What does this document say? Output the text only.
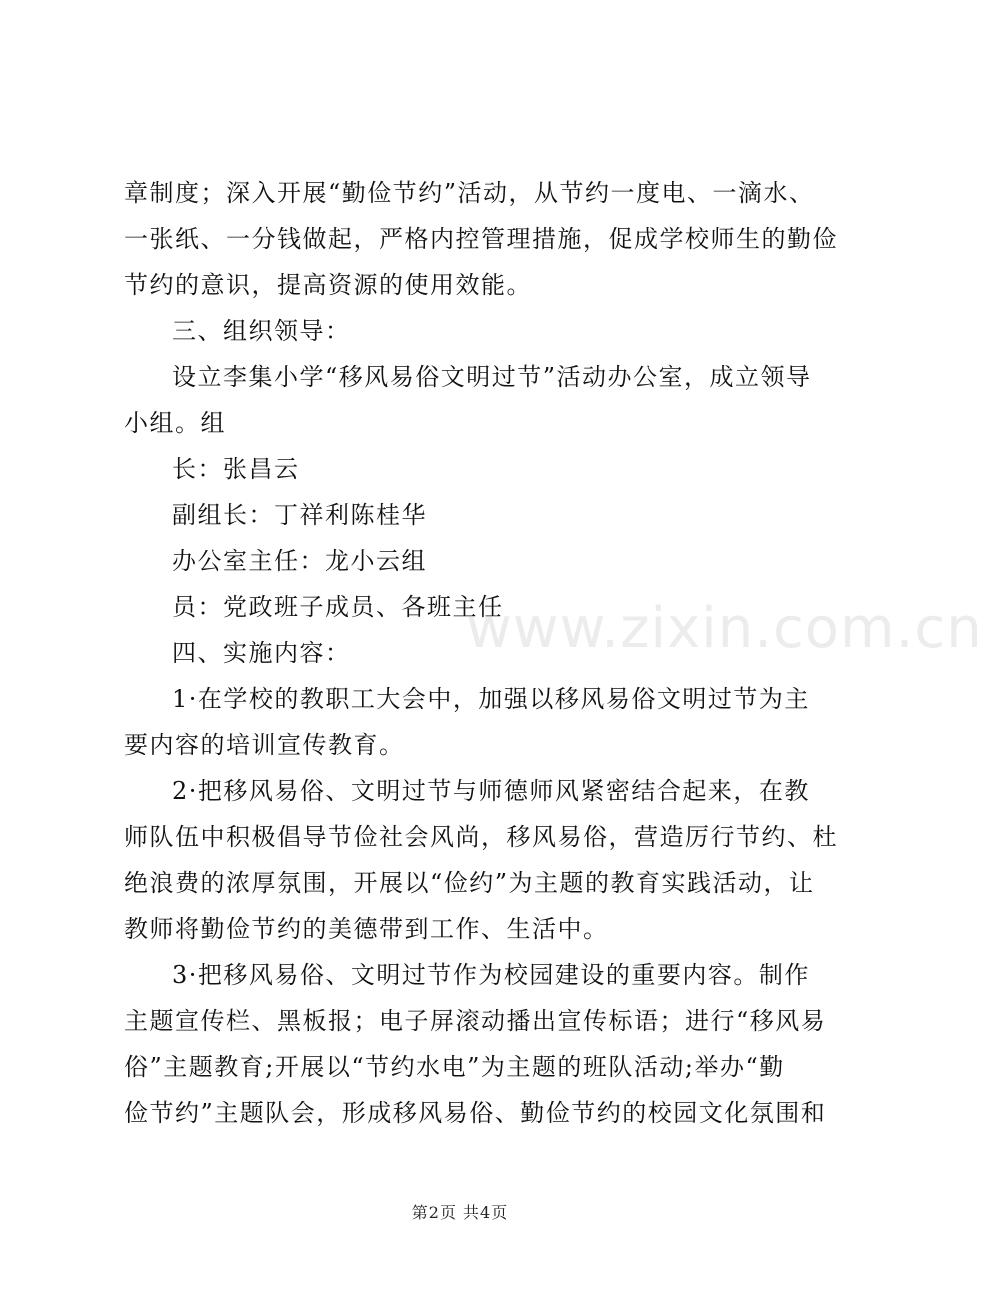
章制度；深入开展“勤俭节约”活动，从节约一度电、一滴水、
一张纸、一分钱做起，严格内控管理措施，促成学校师生的勤俭
节约的意识，提高资源的使用效能。
三、组织领导：
设立李集小学“移风易俗文明过节”活动办公室，成立领导
小组。组
长：张昌云
副组长：丁祥利陈桂华
办公室主任：龙小云组
员：党政班子成员、各班主任
四、实施内容：
1·在学校的教职工大会中，加强以移风易俗文明过节为主
要内容的培训宣传教育。
2·把移风易俗、文明过节与师德师风紧密结合起来，在教
师队伍中积极倡导节俭社会风尚，移风易俗，营造厉行节约、杜
绝浪费的浓厚氛围，开展以“俭约”为主题的教育实践活动，让
教师将勤俭节约的美德带到工作、生活中。
3·把移风易俗、文明过节作为校园建设的重要内容。制作
主题宣传栏、黑板报；电子屏滚动播出宣传标语；进行“移风易
俗”主题教育;开展以“节约水电”为主题的班队活动;举办“勤
俭节约”主题队会，形成移风易俗、勤俭节约的校园文化氛围和
www.zixin.com.cn
第2页 共4页
